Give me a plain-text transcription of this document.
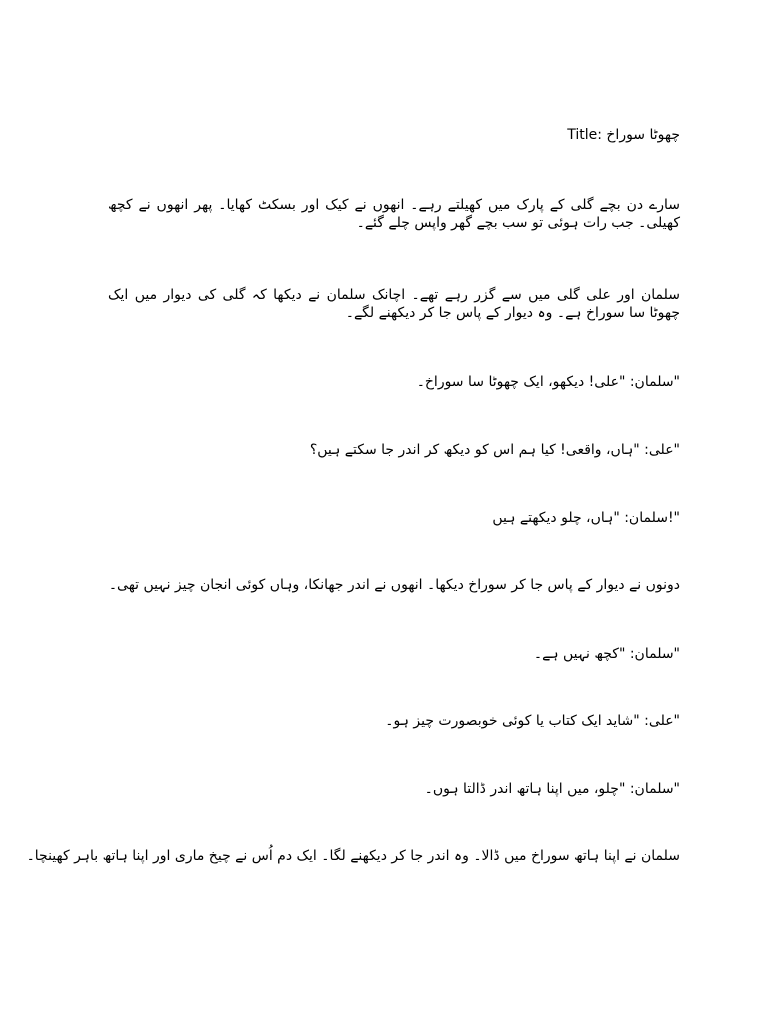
Title: چھوٹا سوراخ
سارے دن بچے گلی کے پارک میں کھیلتے رہے۔ انھوں نے کیک اور بسکٹ کھایا۔ پھر انھوں نے کچھ کھیلی۔ جب رات ہوئی تو سب بچے گھر واپس چلے گئے۔
سلمان اور علی گلی میں سے گزر رہے تھے۔ اچانک سلمان نے دیکھا کہ گلی کی دیوار میں ایک چھوٹا سا سوراخ ہے۔ وہ دیوار کے پاس جا کر دیکھنے لگے۔
"سلمان: "علی! دیکھو، ایک چھوٹا سا سوراخ۔
"علی: "ہاں، واقعی! کیا ہم اس کو دیکھ کر اندر جا سکتے ہیں؟
"!سلمان: "ہاں، چلو دیکھتے ہیں
دونوں نے دیوار کے پاس جا کر سوراخ دیکھا۔ انھوں نے اندر جھانکا، وہاں کوئی انجان چیز نہیں تھی۔
"سلمان: "کچھ نہیں ہے۔
"علی: "شاید ایک کتاب یا کوئی خوبصورت چیز ہو۔
"سلمان: "چلو، میں اپنا ہاتھ اندر ڈالتا ہوں۔
سلمان نے اپنا ہاتھ سوراخ میں ڈالا۔ وہ اندر جا کر دیکھنے لگا۔ ایک دم اُس نے چیخ ماری اور اپنا ہاتھ باہر کھینچا۔
